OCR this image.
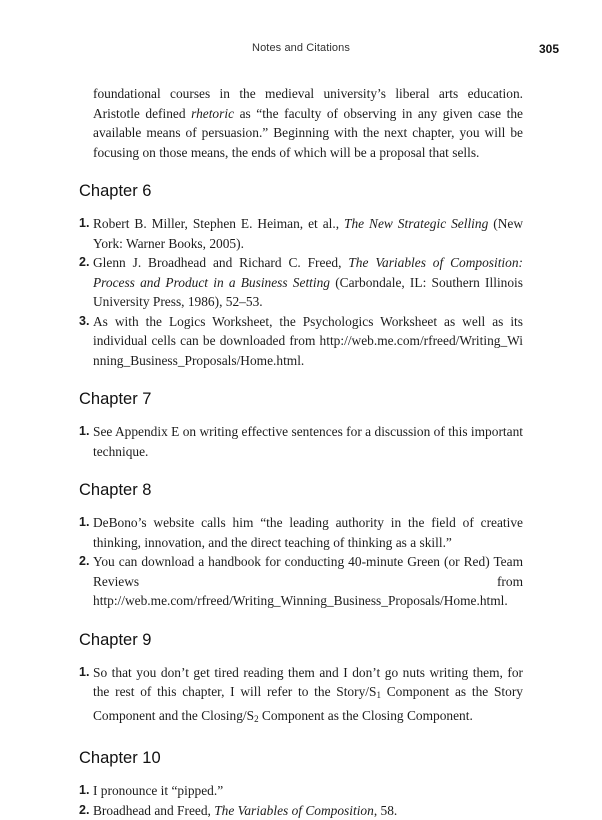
Notes and Citations	305

foundational courses in the medieval university’s liberal arts education. Aristotle defined rhetoric as “the faculty of observing in any given case the available means of persuasion.” Beginning with the next chapter, you will be focusing on those means, the ends of which will be a proposal that sells.

Chapter 6
1. Robert B. Miller, Stephen E. Heiman, et al., The New Strategic Selling (New York: Warner Books, 2005).
2. Glenn J. Broadhead and Richard C. Freed, The Variables of Composition: Process and Product in a Business Setting (Carbondale, IL: Southern Illinois University Press, 1986), 52–53.
3. As with the Logics Worksheet, the Psychologics Worksheet as well as its individual cells can be downloaded from http://web.me.com/rfreed/Writing_Winning_Business_Proposals/Home.html.
Chapter 7
1. See Appendix E on writing effective sentences for a discussion of this important technique.
Chapter 8
1. DeBono’s website calls him “the leading authority in the field of creative thinking, innovation, and the direct teaching of thinking as a skill.”
2. You can download a handbook for conducting 40-minute Green (or Red) Team Reviews from http://web.me.com/rfreed/Writing_Winning_Business_Proposals/Home.html.
Chapter 9
1. So that you don’t get tired reading them and I don’t go nuts writing them, for the rest of this chapter, I will refer to the Story/$S_1$ Component as the Story Component and the Closing/$S_2$ Component as the Closing Component.
Chapter 10
1. I pronounce it “pipped.”
2. Broadhead and Freed, The Variables of Composition, 58.
